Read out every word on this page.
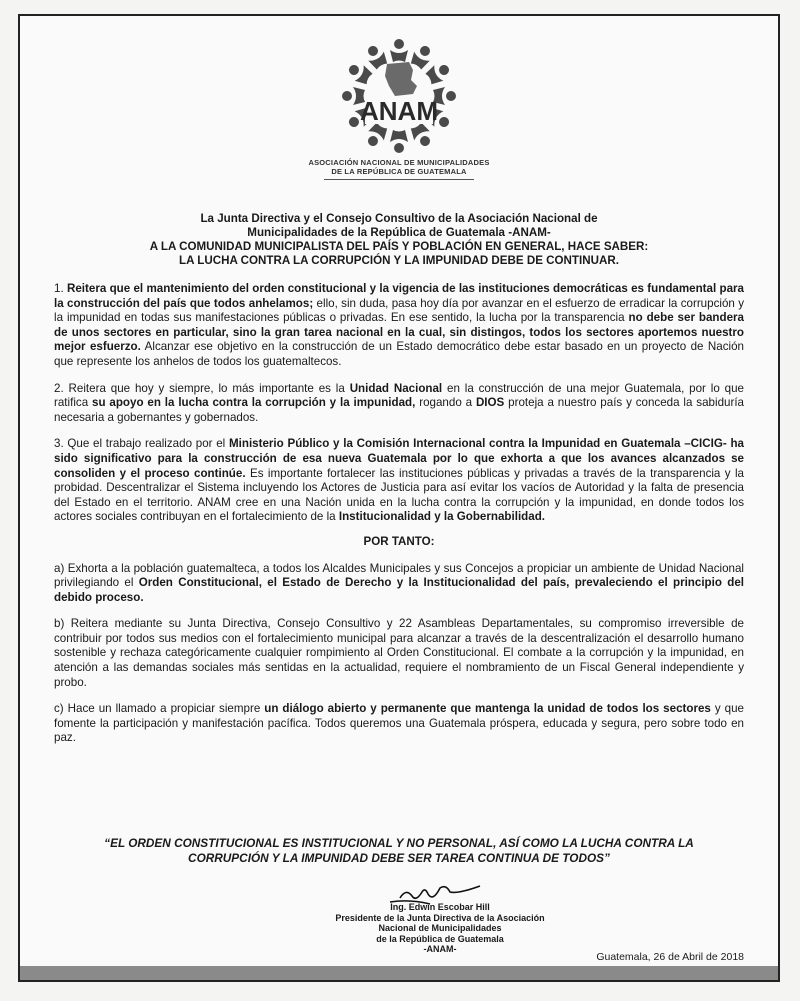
ANAM
ASOCIACIÓN NACIONAL DE MUNICIPALIDADES
DE LA REPÚBLICA DE GUATEMALA
La Junta Directiva y el Consejo Consultivo de la Asociación Nacional de
Municipalidades de la República de Guatemala -ANAM-
A LA COMUNIDAD MUNICIPALISTA DEL PAÍS Y POBLACIÓN EN GENERAL, HACE SABER:
LA LUCHA CONTRA LA CORRUPCIÓN Y LA IMPUNIDAD DEBE DE CONTINUAR.

1. Reitera que el mantenimiento del orden constitucional y la vigencia de las instituciones democráticas es fundamental para la construcción del país que todos anhelamos; ello, sin duda, pasa hoy día por avanzar en el esfuerzo de erradicar la corrupción y la impunidad en todas sus manifestaciones públicas o privadas. En ese sentido, la lucha por la transparencia no debe ser bandera de unos sectores en particular, sino la gran tarea nacional en la cual, sin distingos, todos los sectores aportemos nuestro mejor esfuerzo. Alcanzar ese objetivo en la construcción de un Estado democrático debe estar basado en un proyecto de Nación que represente los anhelos de todos los guatemaltecos.

2. Reitera que hoy y siempre, lo más importante es la Unidad Nacional en la construcción de una mejor Guatemala, por lo que ratifica su apoyo en la lucha contra la corrupción y la impunidad, rogando a DIOS proteja a nuestro país y conceda la sabiduría necesaria a gobernantes y gobernados.

3. Que el trabajo realizado por el Ministerio Público y la Comisión Internacional contra la Impunidad en Guatemala –CICIG- ha sido significativo para la construcción de esa nueva Guatemala por lo que exhorta a que los avances alcanzados se consoliden y el proceso continúe. Es importante fortalecer las instituciones públicas y privadas a través de la transparencia y la probidad. Descentralizar el Sistema incluyendo los Actores de Justicia para así evitar los vacíos de Autoridad y la falta de presencia del Estado en el territorio. ANAM cree en una Nación unida en la lucha contra la corrupción y la impunidad, en donde todos los actores sociales contribuyan en el fortalecimiento de la Institucionalidad y la Gobernabilidad.

POR TANTO:

a) Exhorta a la población guatemalteca, a todos los Alcaldes Municipales y sus Concejos a propiciar un ambiente de Unidad Nacional privilegiando el Orden Constitucional, el Estado de Derecho y la Institucionalidad del país, prevaleciendo el principio del debido proceso.

b) Reitera mediante su Junta Directiva, Consejo Consultivo y 22 Asambleas Departamentales, su compromiso irreversible de contribuir por todos sus medios con el fortalecimiento municipal para alcanzar a través de la descentralización el desarrollo humano sostenible y rechaza categóricamente cualquier rompimiento al Orden Constitucional. El combate a la corrupción y la impunidad, en atención a las demandas sociales más sentidas en la actualidad, requiere el nombramiento de un Fiscal General independiente y probo.

c) Hace un llamado a propiciar siempre un diálogo abierto y permanente que mantenga la unidad de todos los sectores y que fomente la participación y manifestación pacífica. Todos queremos una Guatemala próspera, educada y segura, pero sobre todo en paz.

“EL ORDEN CONSTITUCIONAL ES INSTITUCIONAL Y NO PERSONAL, ASÍ COMO LA LUCHA CONTRA LA
CORRUPCIÓN Y LA IMPUNIDAD DEBE SER TAREA CONTINUA DE TODOS”
Ing. Edwin Escobar Hill
Presidente de la Junta Directiva de la Asociación
Nacional de Municipalidades
de la República de Guatemala
-ANAM-
Guatemala, 26 de Abril de 2018
